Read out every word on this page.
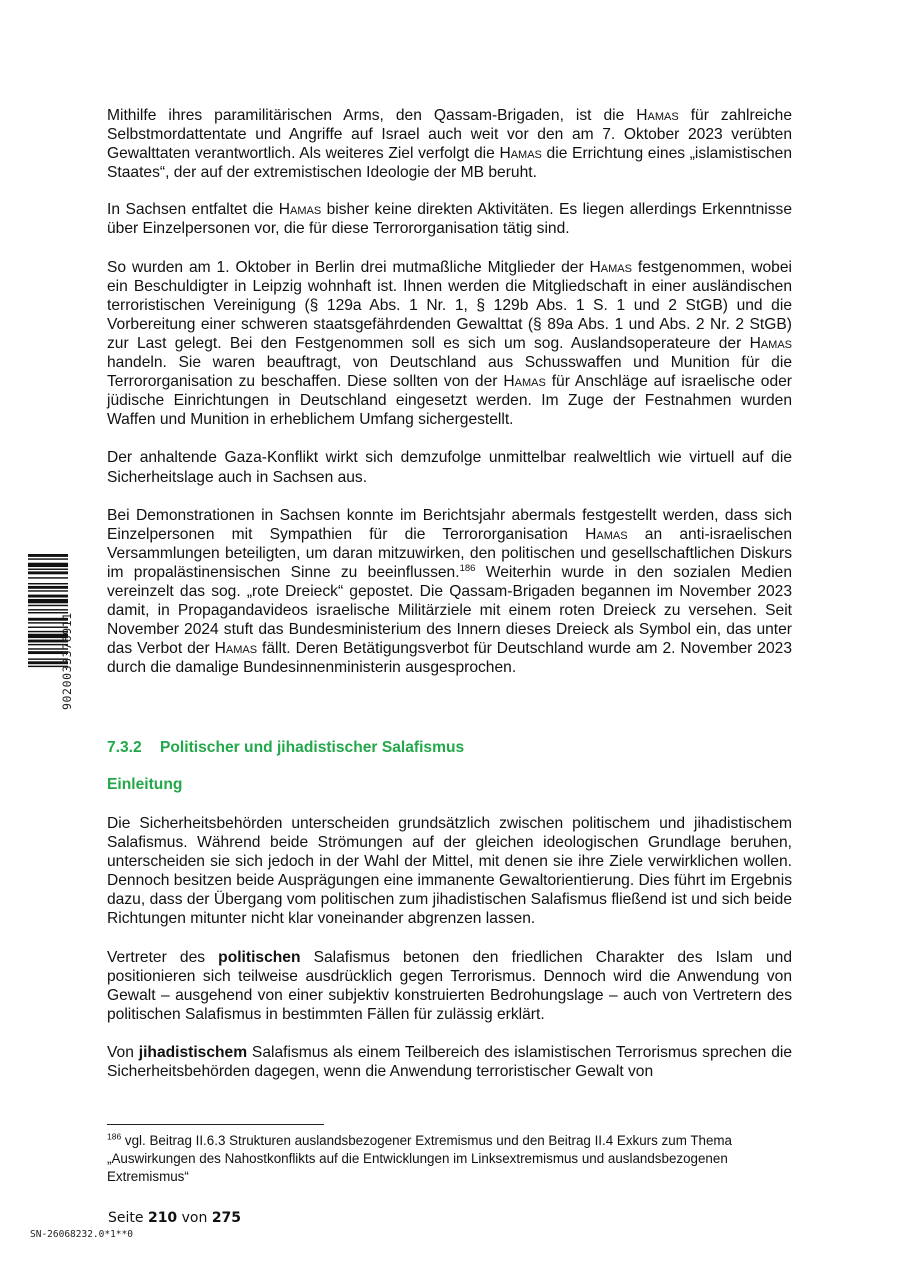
9020033376911

Mithilfe ihres paramilitärischen Arms, den Qassam-Brigaden, ist die Hamas für zahlreiche Selbstmordattentate und Angriffe auf Israel auch weit vor den am 7. Oktober 2023 verübten Gewalttaten verantwortlich. Als weiteres Ziel verfolgt die Hamas die Errichtung eines „islamistischen Staates“, der auf der extremistischen Ideologie der MB beruht.

In Sachsen entfaltet die Hamas bisher keine direkten Aktivitäten. Es liegen allerdings Erkenntnisse über Einzelpersonen vor, die für diese Terrororganisation tätig sind.

So wurden am 1. Oktober in Berlin drei mutmaßliche Mitglieder der Hamas festgenommen, wobei ein Beschuldigter in Leipzig wohnhaft ist. Ihnen werden die Mitgliedschaft in einer ausländischen terroristischen Vereinigung (§ 129a Abs. 1 Nr. 1, § 129b Abs. 1 S. 1 und 2 StGB) und die Vorbereitung einer schweren staatsgefährdenden Gewalttat (§ 89a Abs. 1 und Abs. 2 Nr. 2 StGB) zur Last gelegt. Bei den Festgenommen soll es sich um sog. Auslandsoperateure der Hamas handeln. Sie waren beauftragt, von Deutschland aus Schusswaffen und Munition für die Terrororganisation zu beschaffen. Diese sollten von der Hamas für Anschläge auf israelische oder jüdische Einrichtungen in Deutschland eingesetzt werden. Im Zuge der Festnahmen wurden Waffen und Munition in erheblichem Umfang sichergestellt.

Der anhaltende Gaza-Konflikt wirkt sich demzufolge unmittelbar realweltlich wie virtuell auf die Sicherheitslage auch in Sachsen aus.

Bei Demonstrationen in Sachsen konnte im Berichtsjahr abermals festgestellt werden, dass sich Einzelpersonen mit Sympathien für die Terrororganisation Hamas an anti-israelischen Versammlungen beteiligten, um daran mitzuwirken, den politischen und gesellschaftlichen Diskurs im propalästinensischen Sinne zu beeinflussen.$^{186}$ Weiterhin wurde in den sozialen Medien vereinzelt das sog. „rote Dreieck“ gepostet. Die Qassam-Brigaden begannen im November 2023 damit, in Propagandavideos israelische Militärziele mit einem roten Dreieck zu versehen. Seit November 2024 stuft das Bundesministerium des Innern dieses Dreieck als Symbol ein, das unter das Verbot der Hamas fällt. Deren Betätigungsverbot für Deutschland wurde am 2. November 2023 durch die damalige Bundesinnenministerin ausgesprochen.

7.3.2 Politischer und jihadistischer Salafismus
Einleitung

Die Sicherheitsbehörden unterscheiden grundsätzlich zwischen politischem und jihadistischem Salafismus. Während beide Strömungen auf der gleichen ideologischen Grundlage beruhen, unterscheiden sie sich jedoch in der Wahl der Mittel, mit denen sie ihre Ziele verwirklichen wollen. Dennoch besitzen beide Ausprägungen eine immanente Gewaltorientierung. Dies führt im Ergebnis dazu, dass der Übergang vom politischen zum jihadistischen Salafismus fließend ist und sich beide Richtungen mitunter nicht klar voneinander abgrenzen lassen.

Vertreter des politischen Salafismus betonen den friedlichen Charakter des Islam und positionieren sich teilweise ausdrücklich gegen Terrorismus. Dennoch wird die Anwendung von Gewalt – ausgehend von einer subjektiv konstruierten Bedrohungslage – auch von Vertretern des politischen Salafismus in bestimmten Fällen für zulässig erklärt.

Von jihadistischem Salafismus als einem Teilbereich des islamistischen Terrorismus sprechen die Sicherheitsbehörden dagegen, wenn die Anwendung terroristischer Gewalt von

$^{186}$ vgl. Beitrag II.6.3 Strukturen auslandsbezogener Extremismus und den Beitrag II.4 Exkurs zum Thema „Auswirkungen des Nahostkonflikts auf die Entwicklungen im Linksextremismus und auslandsbezogenen Extremismus“
Seite 210 von 275
SN-26068232.0*1**0
